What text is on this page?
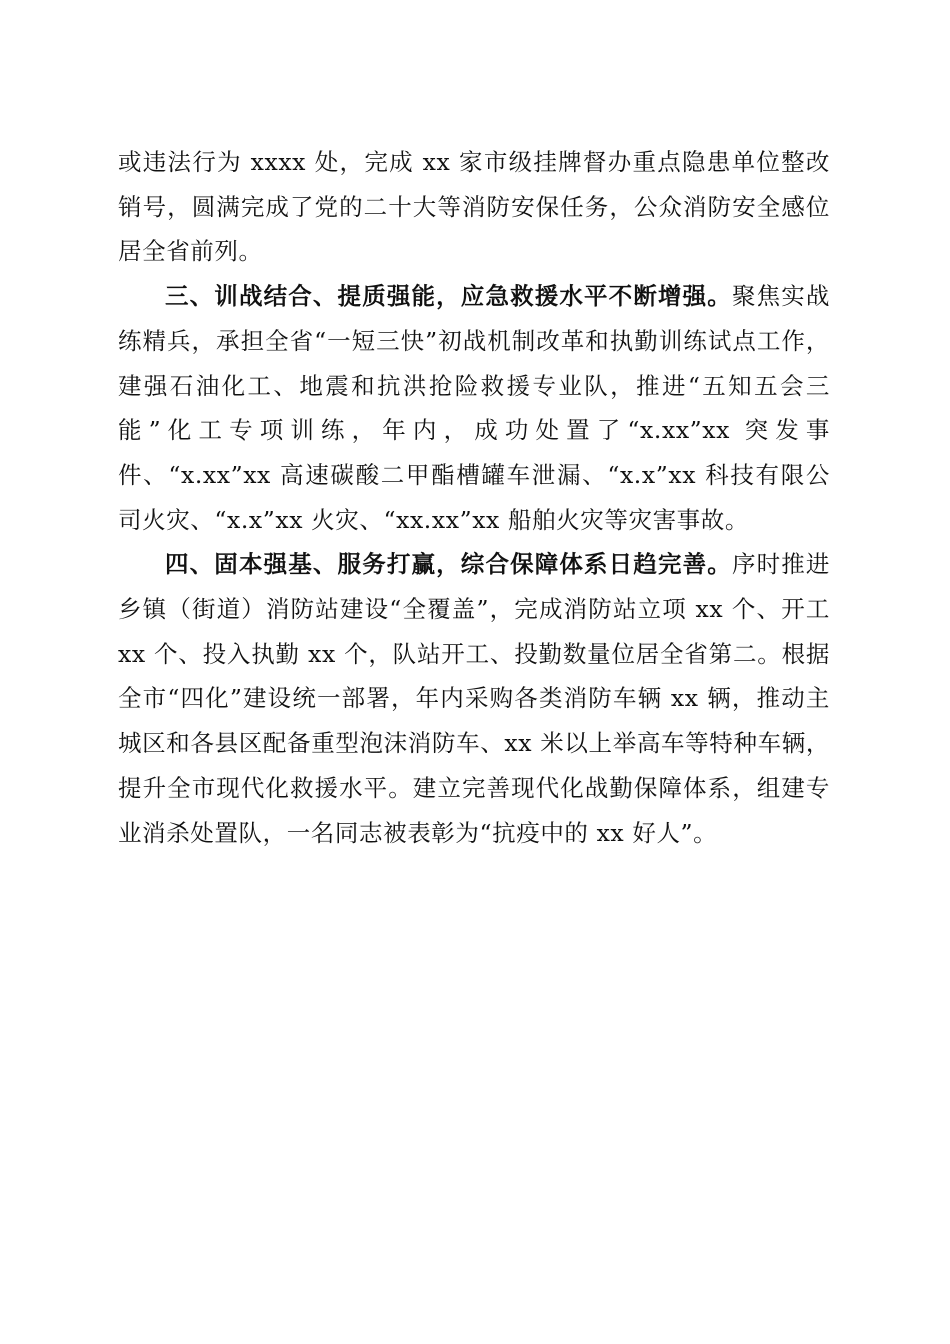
或违法行为 xxxx 处，完成 xx 家市级挂牌督办重点隐患单位整改销号，圆满完成了党的二十大等消防安保任务，公众消防安全感位居全省前列。

三、训战结合、提质强能，应急救援水平不断增强。聚焦实战练精兵，承担全省“一短三快”初战机制改革和执勤训练试点工作，建强石油化工、地震和抗洪抢险救援专业队，推进“五知五会三能”化工专项训练，年内，成功处置了“x.xx”xx 突发事件、“x.xx”xx 高速碳酸二甲酯槽罐车泄漏、“x.x”xx 科技有限公司火灾、“x.x”xx 火灾、“xx.xx”xx 船舶火灾等灾害事故。

四、固本强基、服务打赢，综合保障体系日趋完善。序时推进乡镇（街道）消防站建设“全覆盖”，完成消防站立项 xx 个、开工 xx 个、投入执勤 xx 个，队站开工、投勤数量位居全省第二。根据全市“四化”建设统一部署，年内采购各类消防车辆 xx 辆，推动主城区和各县区配备重型泡沫消防车、xx 米以上举高车等特种车辆，提升全市现代化救援水平。建立完善现代化战勤保障体系，组建专业消杀处置队，一名同志被表彰为“抗疫中的 xx 好人”。
